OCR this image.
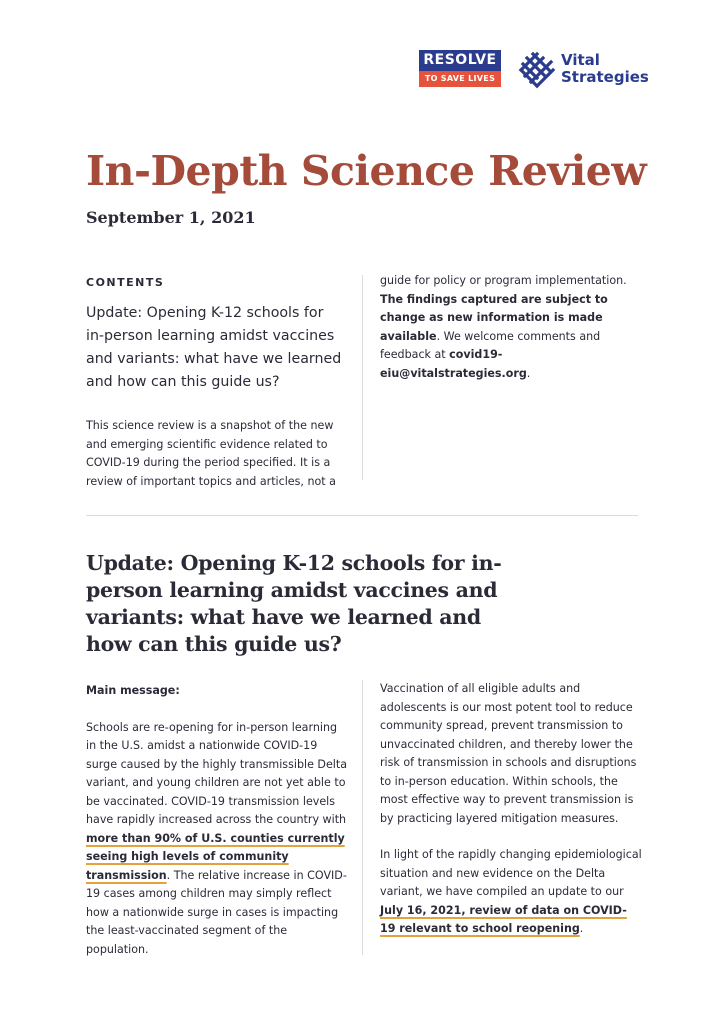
RESOLVE
TO SAVE LIVES
Vital
Strategies
In-Depth Science Review
September 1, 2021
CONTENTS
Update: Opening K-12 schools for in-person learning amidst vaccines and variants: what have we learned and how can this guide us?
This science review is a snapshot of the new and emerging scientific evidence related to COVID-19 during the period specified. It is a review of important topics and articles, not a
guide for policy or program implementation. The findings captured are subject to change as new information is made available. We welcome comments and feedback at covid19-eiu@vitalstrategies.org.
Update: Opening K-12 schools for in-person learning amidst vaccines and variants: what have we learned and how can this guide us?
Main message:

Schools are re-opening for in-person learning in the U.S. amidst a nationwide COVID-19 surge caused by the highly transmissible Delta variant, and young children are not yet able to be vaccinated. COVID-19 transmission levels have rapidly increased across the country with more than 90% of U.S. counties currently seeing high levels of community transmission. The relative increase in COVID-19 cases among children may simply reflect how a nationwide surge in cases is impacting the least-vaccinated segment of the population.

Vaccination of all eligible adults and adolescents is our most potent tool to reduce community spread, prevent transmission to unvaccinated children, and thereby lower the risk of transmission in schools and disruptions to in-person education. Within schools, the most effective way to prevent transmission is by practicing layered mitigation measures.

In light of the rapidly changing epidemiological situation and new evidence on the Delta variant, we have compiled an update to our July 16, 2021, review of data on COVID-19 relevant to school reopening.
